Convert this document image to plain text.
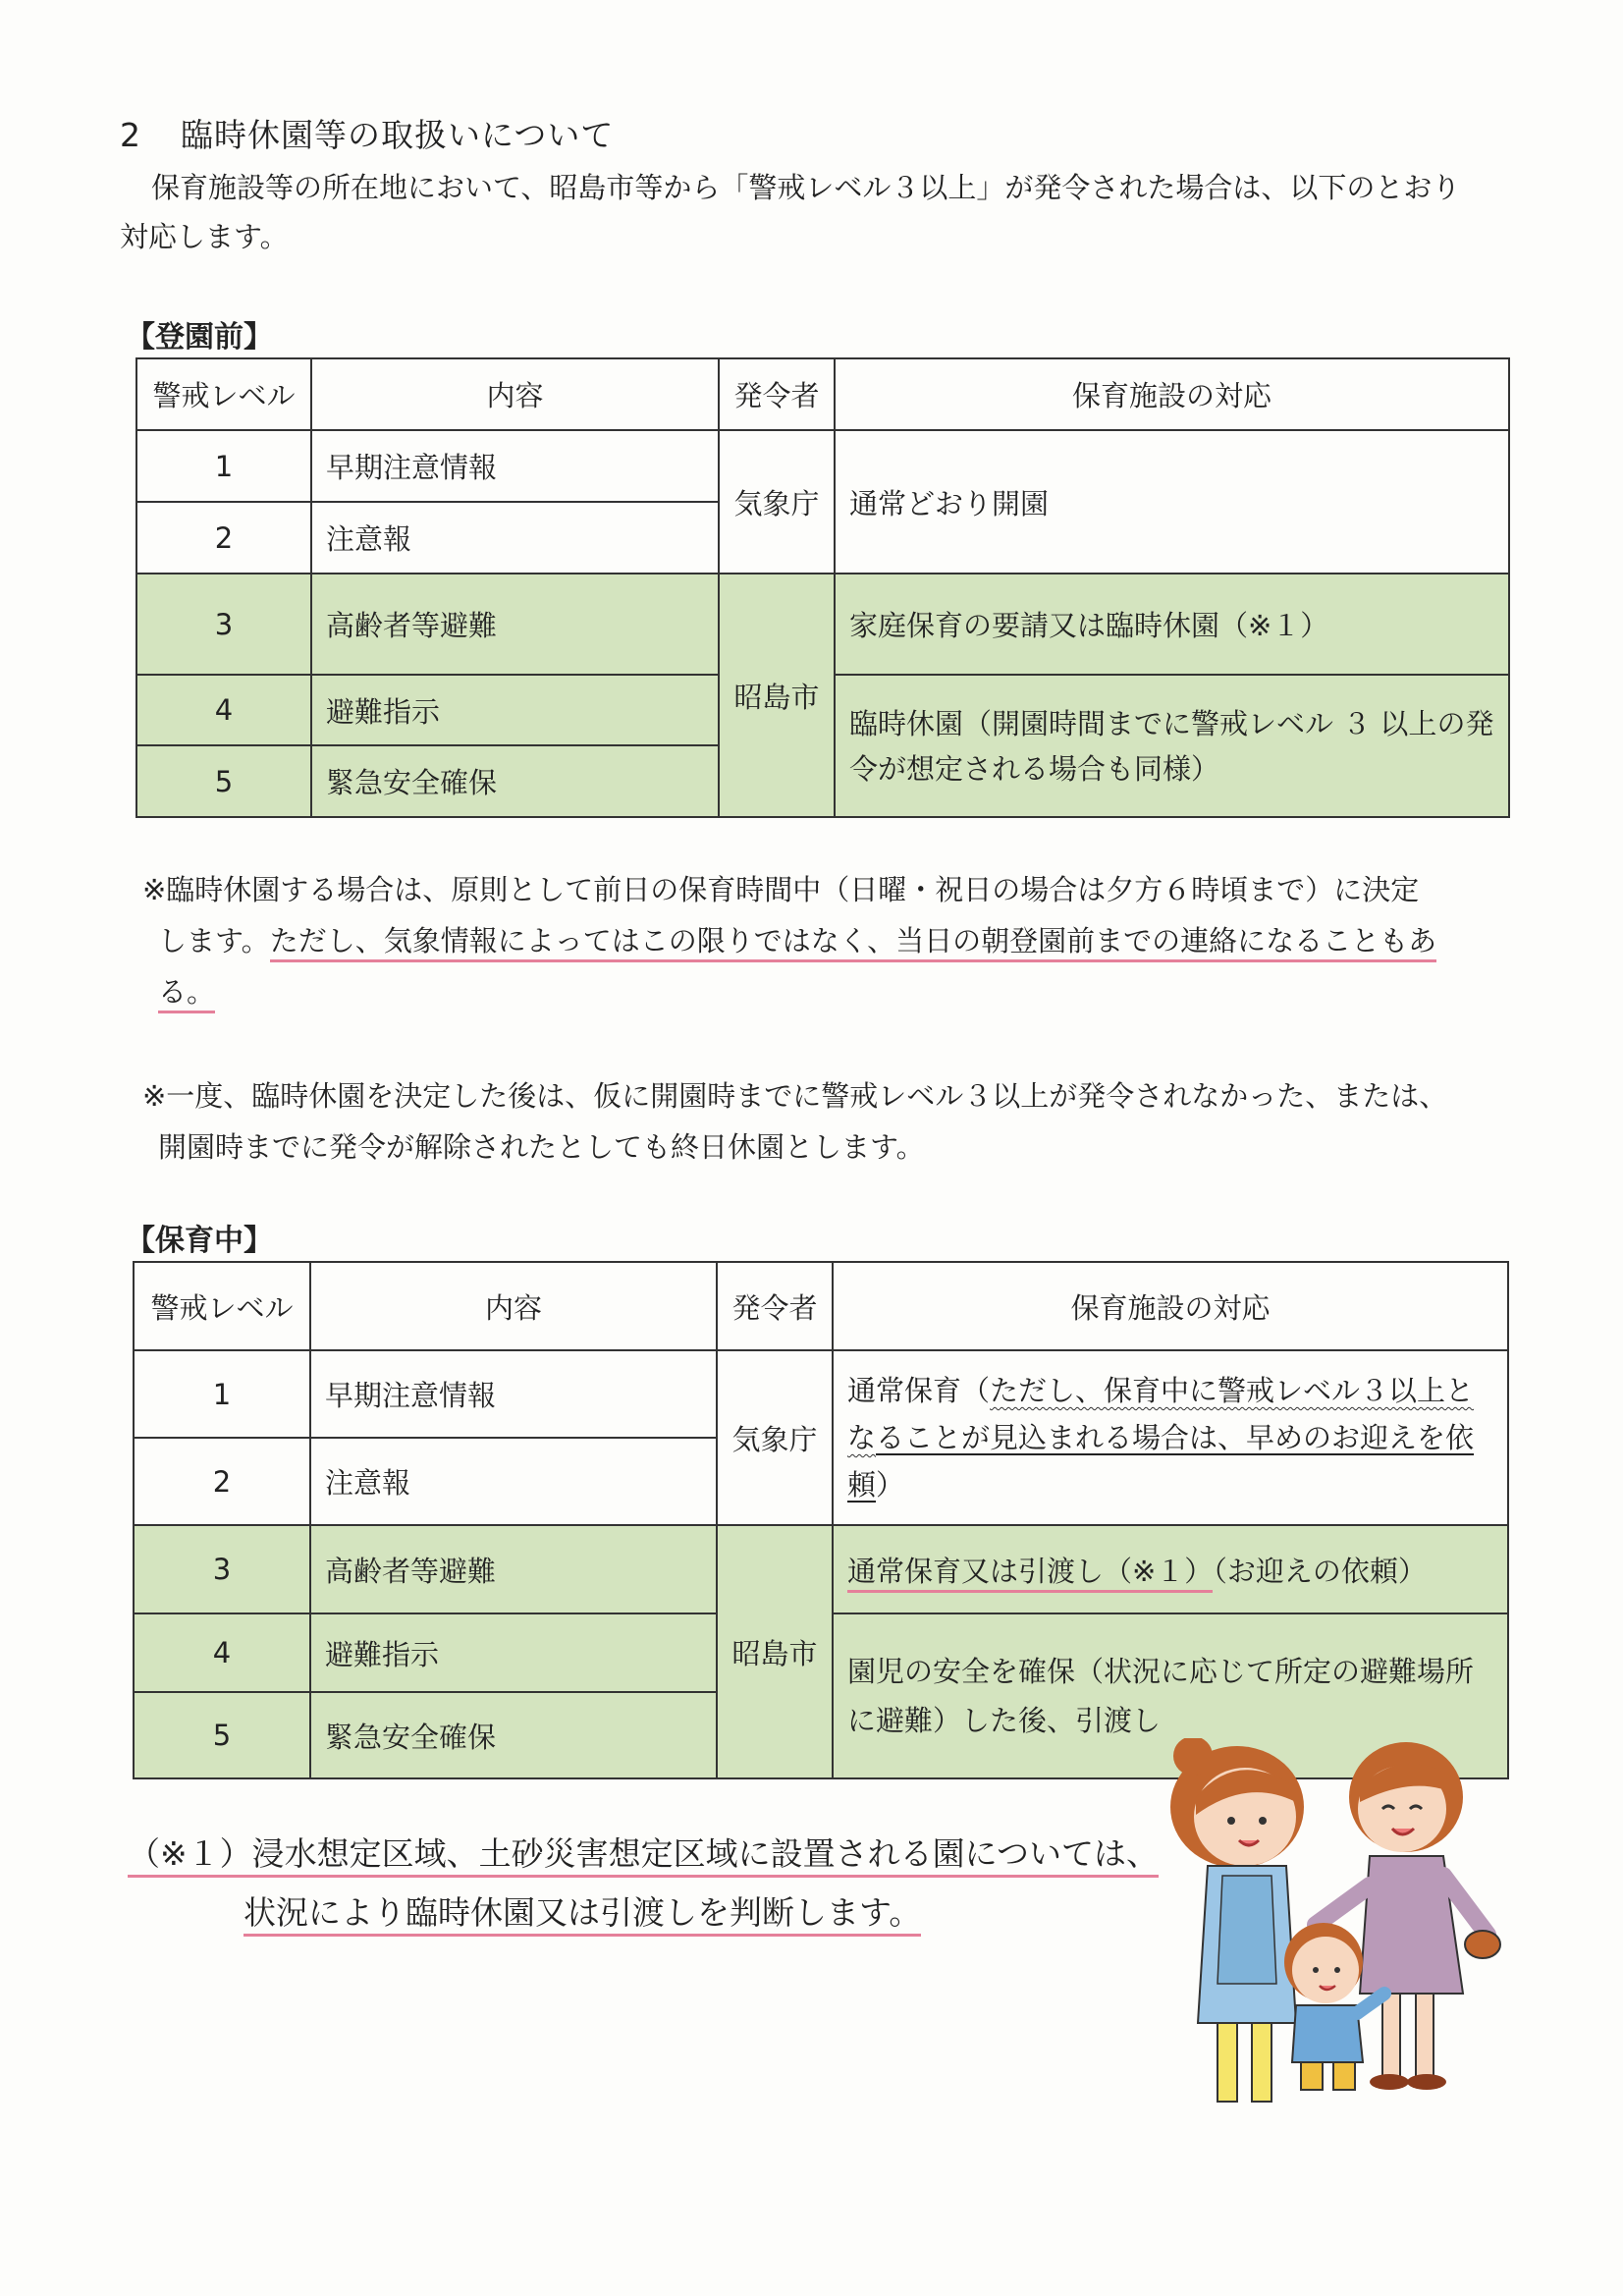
2 臨時休園等の取扱いについて
保育施設等の所在地において、昭島市等から「警戒レベル３以上」が発令された場合は、以下のとおり
対応します。
【登園前】
警戒レベル	内容	発令者	保育施設の対応
1	早期注意情報	気象庁	通常どおり開園
2	注意報		
3	高齢者等避難	昭島市	家庭保育の要請又は臨時休園（※１）
4	避難指示		臨時休園（開園時間までに警戒レベル ３ 以上の発令が想定される場合も同様）
5	緊急安全確保		
※臨時休園する場合は、原則として前日の保育時間中（日曜・祝日の場合は夕方６時頃まで）に決定
します。ただし、気象情報によってはこの限りではなく、当日の朝登園前までの連絡になることもあ
る。
※一度、臨時休園を決定した後は、仮に開園時までに警戒レベル３以上が発令されなかった、または、
開園時までに発令が解除されたとしても終日休園とします。
【保育中】
警戒レベル	内容	発令者	保育施設の対応
1	早期注意情報	気象庁	通常保育（ただし、保育中に警戒レベル３以上となることが見込まれる場合は、早めのお迎えを依頼）
2	注意報		
3	高齢者等避難	昭島市	通常保育又は引渡し（※１）（お迎えの依頼）
4	避難指示		園児の安全を確保（状況に応じて所定の避難場所に避難）した後、引渡し
5	緊急安全確保		
（※１）浸水想定区域、土砂災害想定区域に設置される園については、
状況により臨時休園又は引渡しを判断します。
